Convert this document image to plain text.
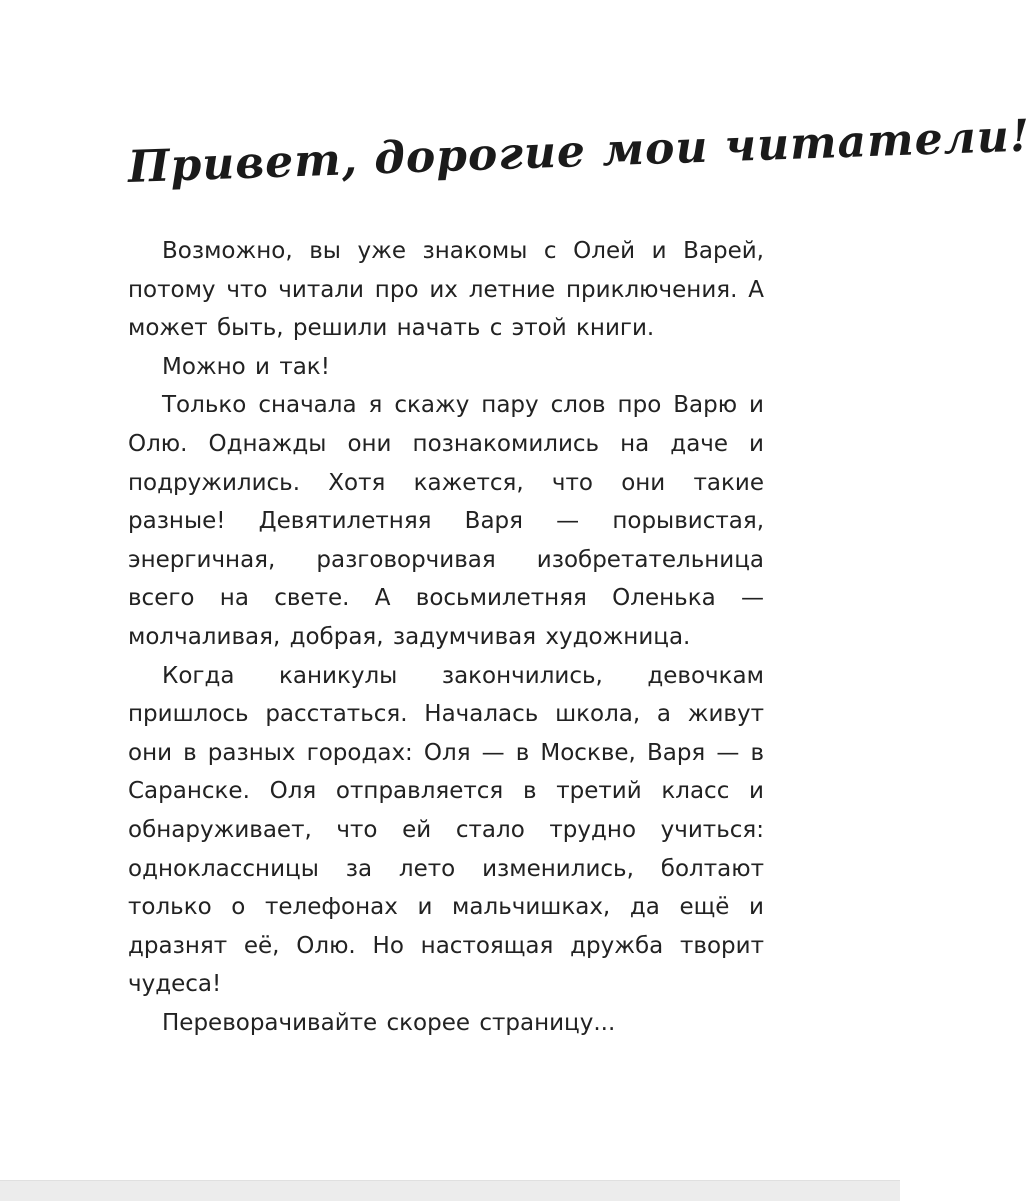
Привет, дорогие мои читатели!

Возможно, вы уже знакомы с Олей и Варей, потому что читали про их летние приключения. А может быть, решили начать с этой книги.

Можно и так!

Только сначала я скажу пару слов про Варю и Олю. Однажды они познакомились на даче и подружились. Хотя кажется, что они такие разные! Девятилетняя Варя — порывистая, энергичная, разговорчивая изобретательница всего на свете. А восьмилетняя Оленька — молчаливая, добрая, задумчивая художница.

Когда каникулы закончились, девочкам пришлось расстаться. Началась школа, а живут они в разных городах: Оля — в Москве, Варя — в Саранске. Оля отправляется в третий класс и обнаруживает, что ей стало трудно учиться: одноклассницы за лето изменились, болтают только о телефонах и мальчишках, да ещё и дразнят её, Олю. Но настоящая дружба творит чудеса!

Переворачивайте скорее страницу...
